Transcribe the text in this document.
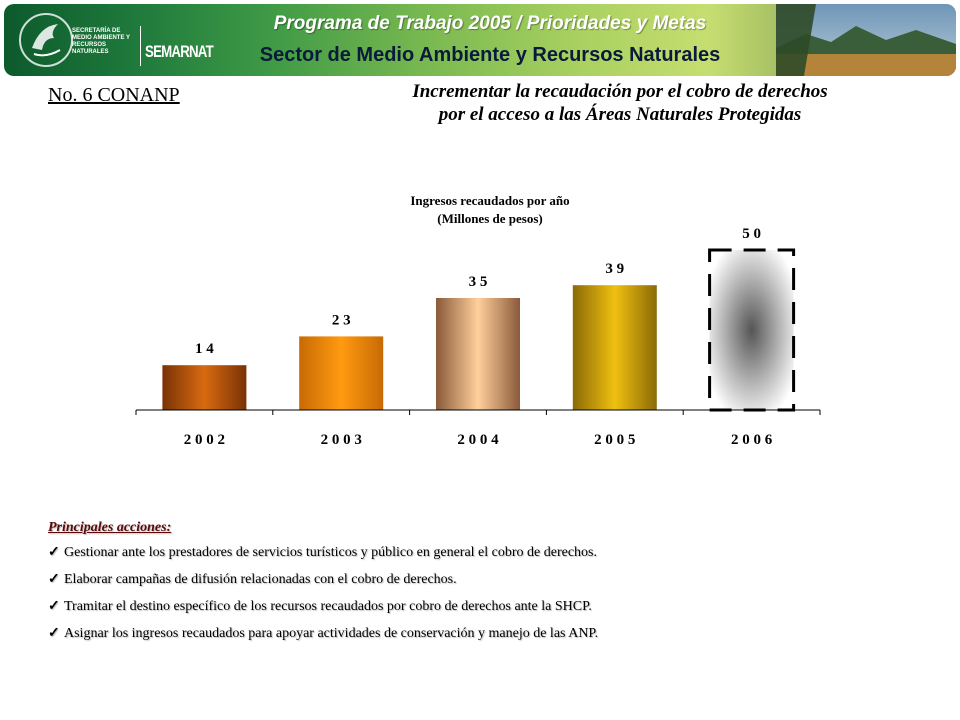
SECRETARÍA DE MEDIO AMBIENTE Y RECURSOS NATURALES	SEMARNAT
Programa de Trabajo 2005 / Prioridades y Metas
Sector de Medio Ambiente y Recursos Naturales
No. 6 CONANP	Incrementar la recaudación por el cobro de derechos
por el acceso a las Áreas Naturales Protegidas
Ingresos recaudados por año
(Millones de pesos)
1 4
2 0 0 2
2 3
2 0 0 3
3 5
2 0 0 4
3 9
2 0 0 5
5 0
2 0 0 6
Principales acciones:
✓ Gestionar ante los prestadores de servicios turísticos y público en general el cobro de derechos.
✓ Elaborar campañas de difusión relacionadas con el cobro de derechos.
✓ Tramitar el destino específico de los recursos recaudados por cobro de derechos ante la SHCP.
✓ Asignar los ingresos recaudados para apoyar actividades de conservación y manejo de las ANP.
